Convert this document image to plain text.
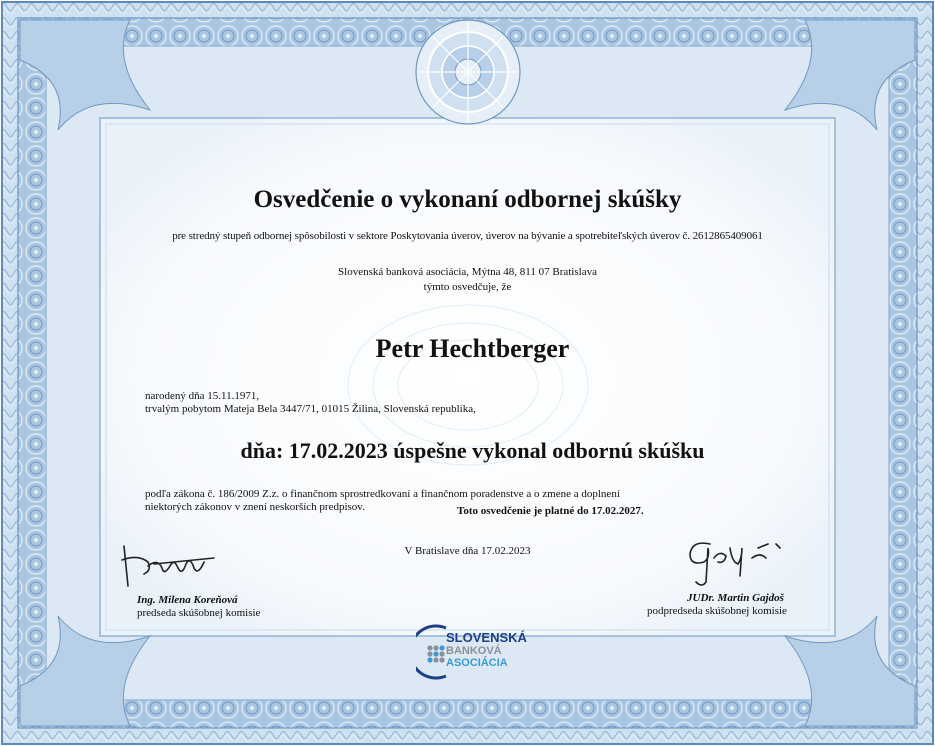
Osvedčenie o vykonaní odbornej skúšky
pre stredný stupeň odbornej spôsobilosti v sektore Poskytovania úverov, úverov na bývanie a spotrebiteľských úverov č. 2612865409061
Slovenská banková asociácia, Mýtna 48, 811 07 Bratislava
týmto osvedčuje, že
Petr Hechtberger
narodený dňa 15.11.1971,
trvalým pobytom Mateja Bela 3447/71, 01015 Žilina, Slovenská republika,
dňa: 17.02.2023 úspešne vykonal odbornú skúšku
podľa zákona č. 186/2009 Z.z. o finančnom sprostredkovaní a finančnom poradenstve a o zmene a doplnení
niektorých zákonov v znení neskorších predpisov.	Toto osvedčenie je platné do 17.02.2027.
V Bratislave dňa 17.02.2023
Ing. Milena Koreňová
predseda skúšobnej komisie
JUDr. Martin Gajdoš
podpredseda skúšobnej komisie
SLOVENSKÁ
BANKOVÁ
ASOCIÁCIA
